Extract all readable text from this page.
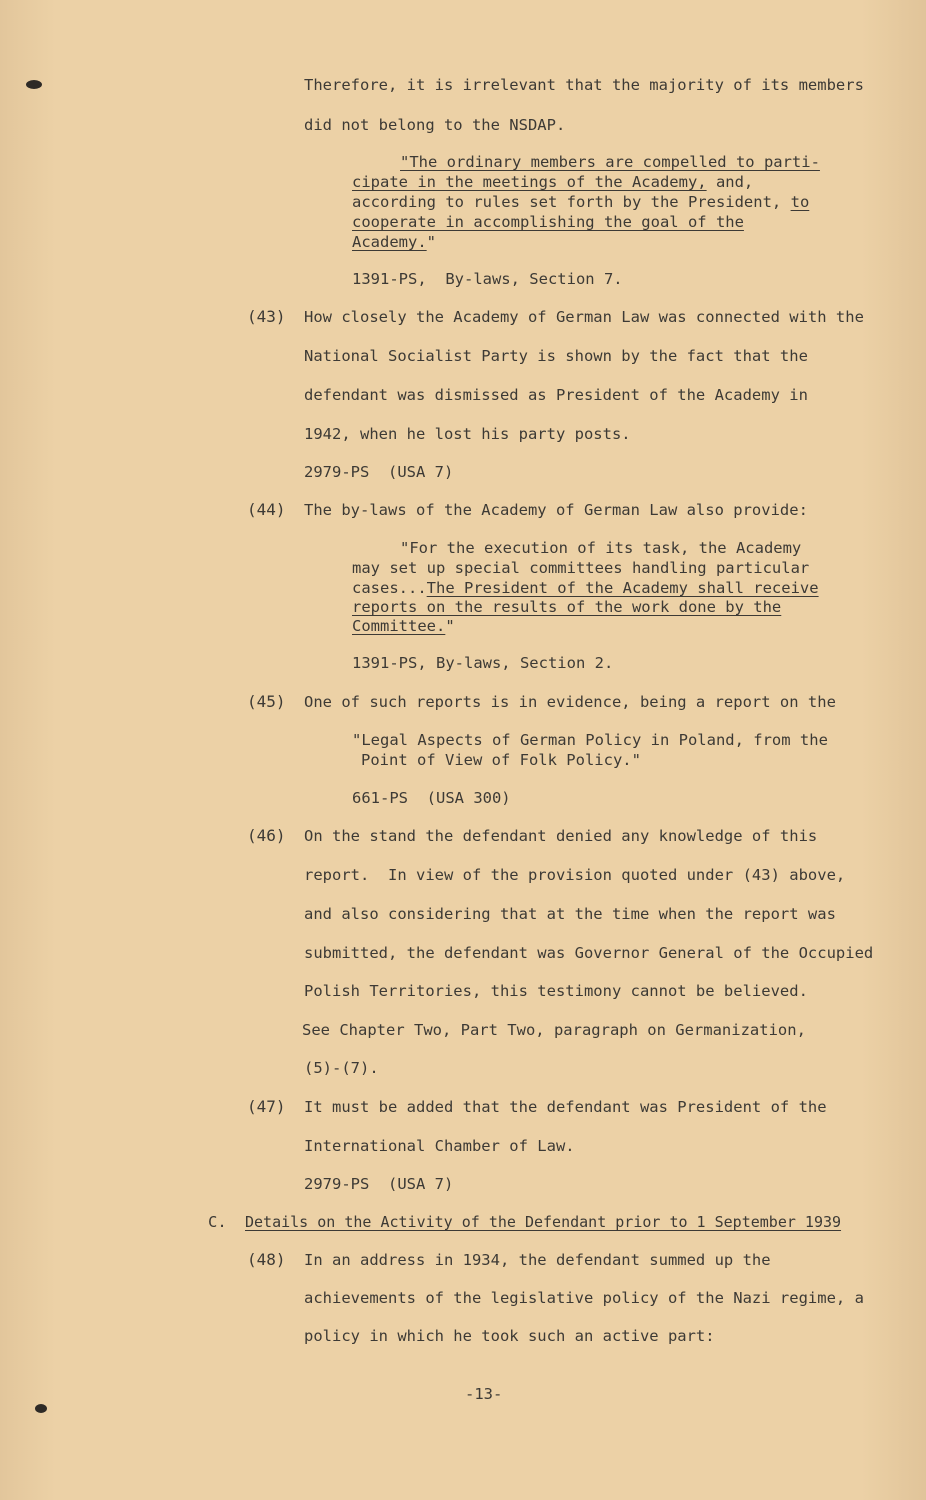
Therefore, it is irrelevant that the majority of its members
did not belong to the NSDAP.
"The ordinary members are compelled to parti-
cipate in the meetings of the Academy, and,
according to rules set forth by the President, to
cooperate in accomplishing the goal of the
Academy."
1391-PS,  By-laws, Section 7.
(43) How closely the Academy of German Law was connected with the
National Socialist Party is shown by the fact that the
defendant was dismissed as President of the Academy in
1942, when he lost his party posts.
2979-PS  (USA 7)
(44) The by-laws of the Academy of German Law also provide:
"For the execution of its task, the Academy
may set up special committees handling particular
cases...The President of the Academy shall receive
reports on the results of the work done by the
Committee."
1391-PS, By-laws, Section 2.
(45) One of such reports is in evidence, being a report on the
"Legal Aspects of German Policy in Poland, from the
Point of View of Folk Policy."
661-PS  (USA 300)
(46) On the stand the defendant denied any knowledge of this
report.  In view of the provision quoted under (43) above,
and also considering that at the time when the report was
submitted, the defendant was Governor General of the Occupied
Polish Territories, this testimony cannot be believed.
See Chapter Two, Part Two, paragraph on Germanization,
(5)-(7).
(47) It must be added that the defendant was President of the
International Chamber of Law.
2979-PS  (USA 7)
C. Details on the Activity of the Defendant prior to 1 September 1939
(48) In an address in 1934, the defendant summed up the
achievements of the legislative policy of the Nazi regime, a
policy in which he took such an active part:
-13-
